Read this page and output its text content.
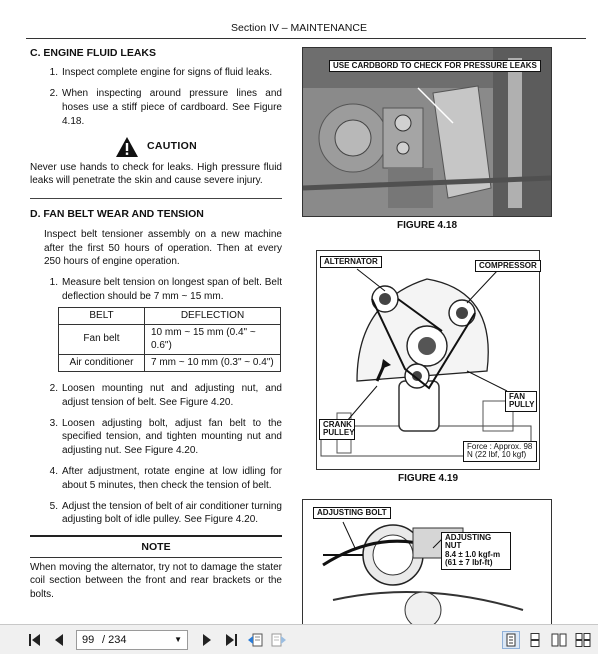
Section IV – MAINTENANCE
C. ENGINE FLUID LEAKS
1. Inspect complete engine for signs of fluid leaks.
2. When inspecting around pressure lines and hoses use a stiff piece of cardboard. See Figure 4.18.
CAUTION
Never use hands to check for leaks. High pressure fluid leaks will penetrate the skin and cause severe injury.
D. FAN BELT WEAR AND TENSION
Inspect belt tensioner assembly on a new machine after the first 50 hours of operation. Then at every 250 hours of engine operation.
1. Measure belt tension on longest span of belt. Belt deflection should be 7 mm ~ 15 mm.
BELT	DEFLECTION
Fan belt	10 mm ~ 15 mm (0.4" ~ 0.6")
Air conditioner	7 mm ~ 10 mm (0.3" ~ 0.4")
2. Loosen mounting nut and adjusting nut, and adjust tension of belt. See Figure 4.20.
3. Loosen adjusting bolt, adjust fan belt to the specified tension, and tighten mounting nut and adjusting nut. See Figure 4.20.
4. After adjustment, rotate engine at low idling for about 5 minutes, then check the tension of belt.
5. Adjust the tension of belt of air conditioner turning adjusting bolt of idle pulley. See Figure 4.20.
NOTE
When moving the alternator, try not to damage the stater coil section between the front and rear brackets or the bolts.
USE CARDBORD TO CHECK FOR PRESSURE LEAKS
FIGURE 4.18
ALTERNATOR	COMPRESSOR
FAN PULLY
CRANK PULLEY
Force : Approx. 98 N (22 lbf, 10 kgf)
FIGURE 4.19
ADJUSTING BOLT
ADJUSTING NUT
8.4 ± 1.0 kgf-m
(61 ± 7 lbf-ft)
99 / 234	▼
